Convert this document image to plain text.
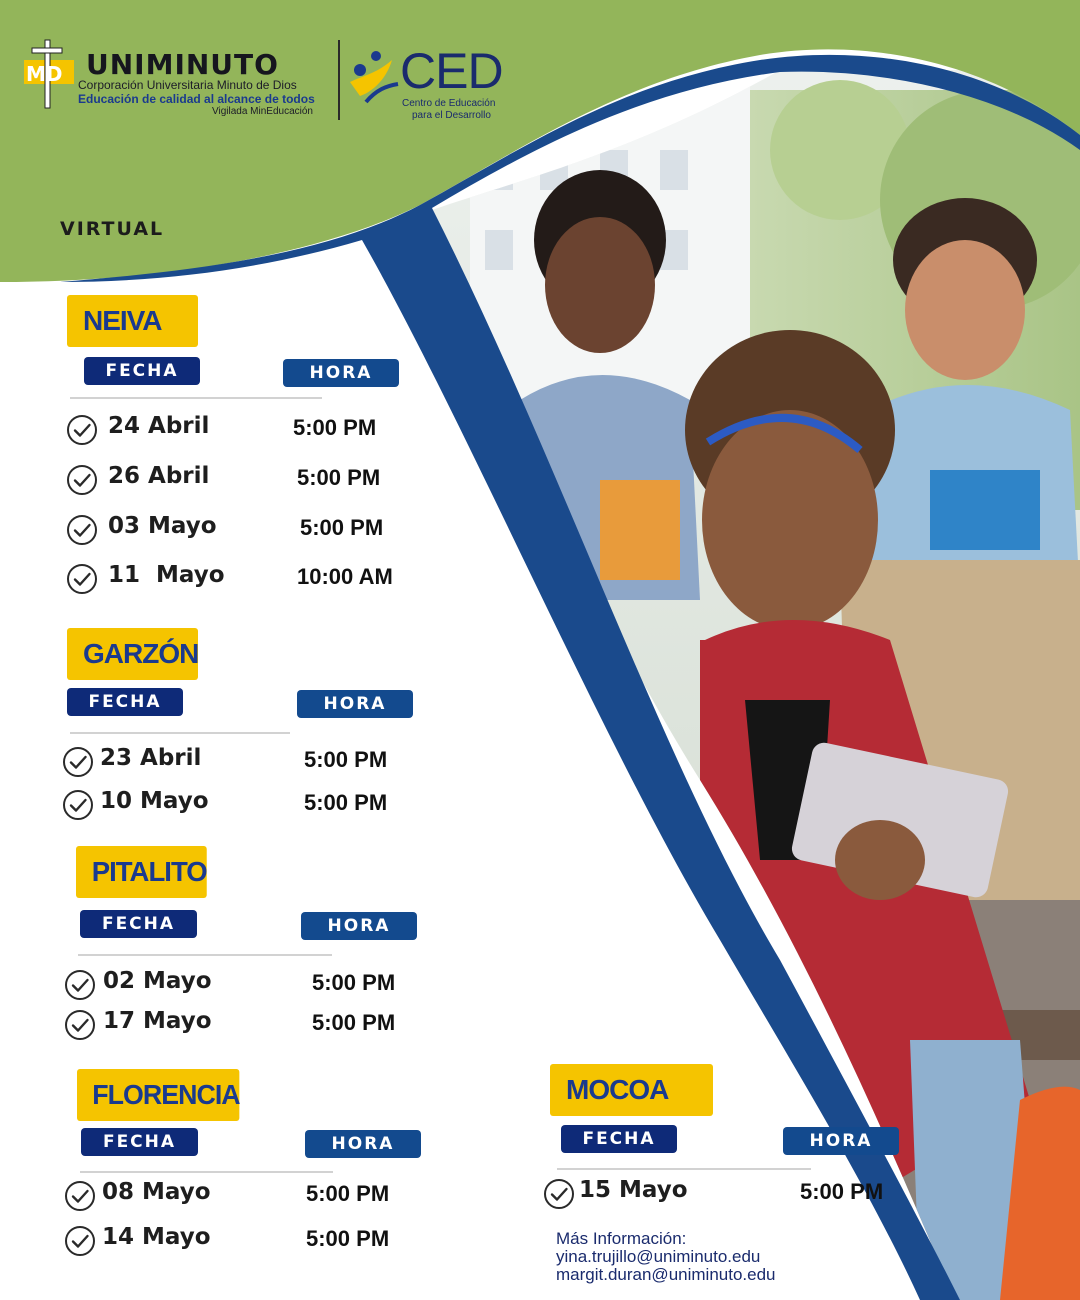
MD UNIMINUTO
Corporación Universitaria Minuto de Dios
Educación de calidad al alcance de todos
Vigilada MinEducación
CED
Centro de Educación
para el Desarrollo
VIRTUAL
NEIVA
FECHA	HORA
24 Abril	5:00 PM
26 Abril	5:00 PM
03 Mayo	5:00 PM
11  Mayo	10:00 AM
GARZÓN
FECHA	HORA
23 Abril	5:00 PM
10 Mayo	5:00 PM
PITALITO
FECHA	HORA
02 Mayo	5:00 PM
17 Mayo	5:00 PM
FLORENCIA
FECHA	HORA
08 Mayo	5:00 PM
14 Mayo	5:00 PM
MOCOA
FECHA	HORA
15 Mayo	5:00 PM
Más Información:
yina.trujillo@uniminuto.edu
margit.duran@uniminuto.edu
